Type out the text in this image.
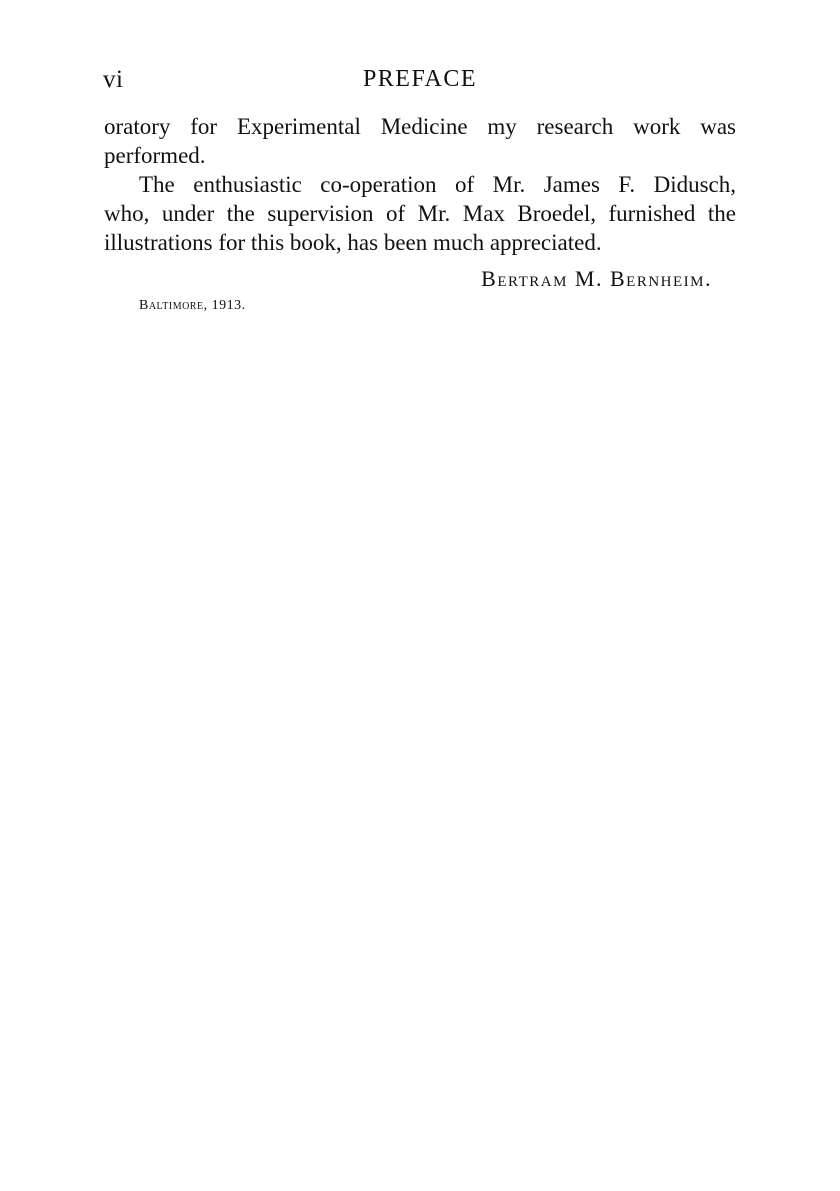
vi	PREFACE
oratory for Experimental Medicine my research work was
performed.
The enthusiastic co-operation of Mr. James F. Didusch,
who, under the supervision of Mr. Max Broedel, furnished the
illustrations for this book, has been much appreciated.
Bertram M. Bernheim.
Baltimore, 1913.
